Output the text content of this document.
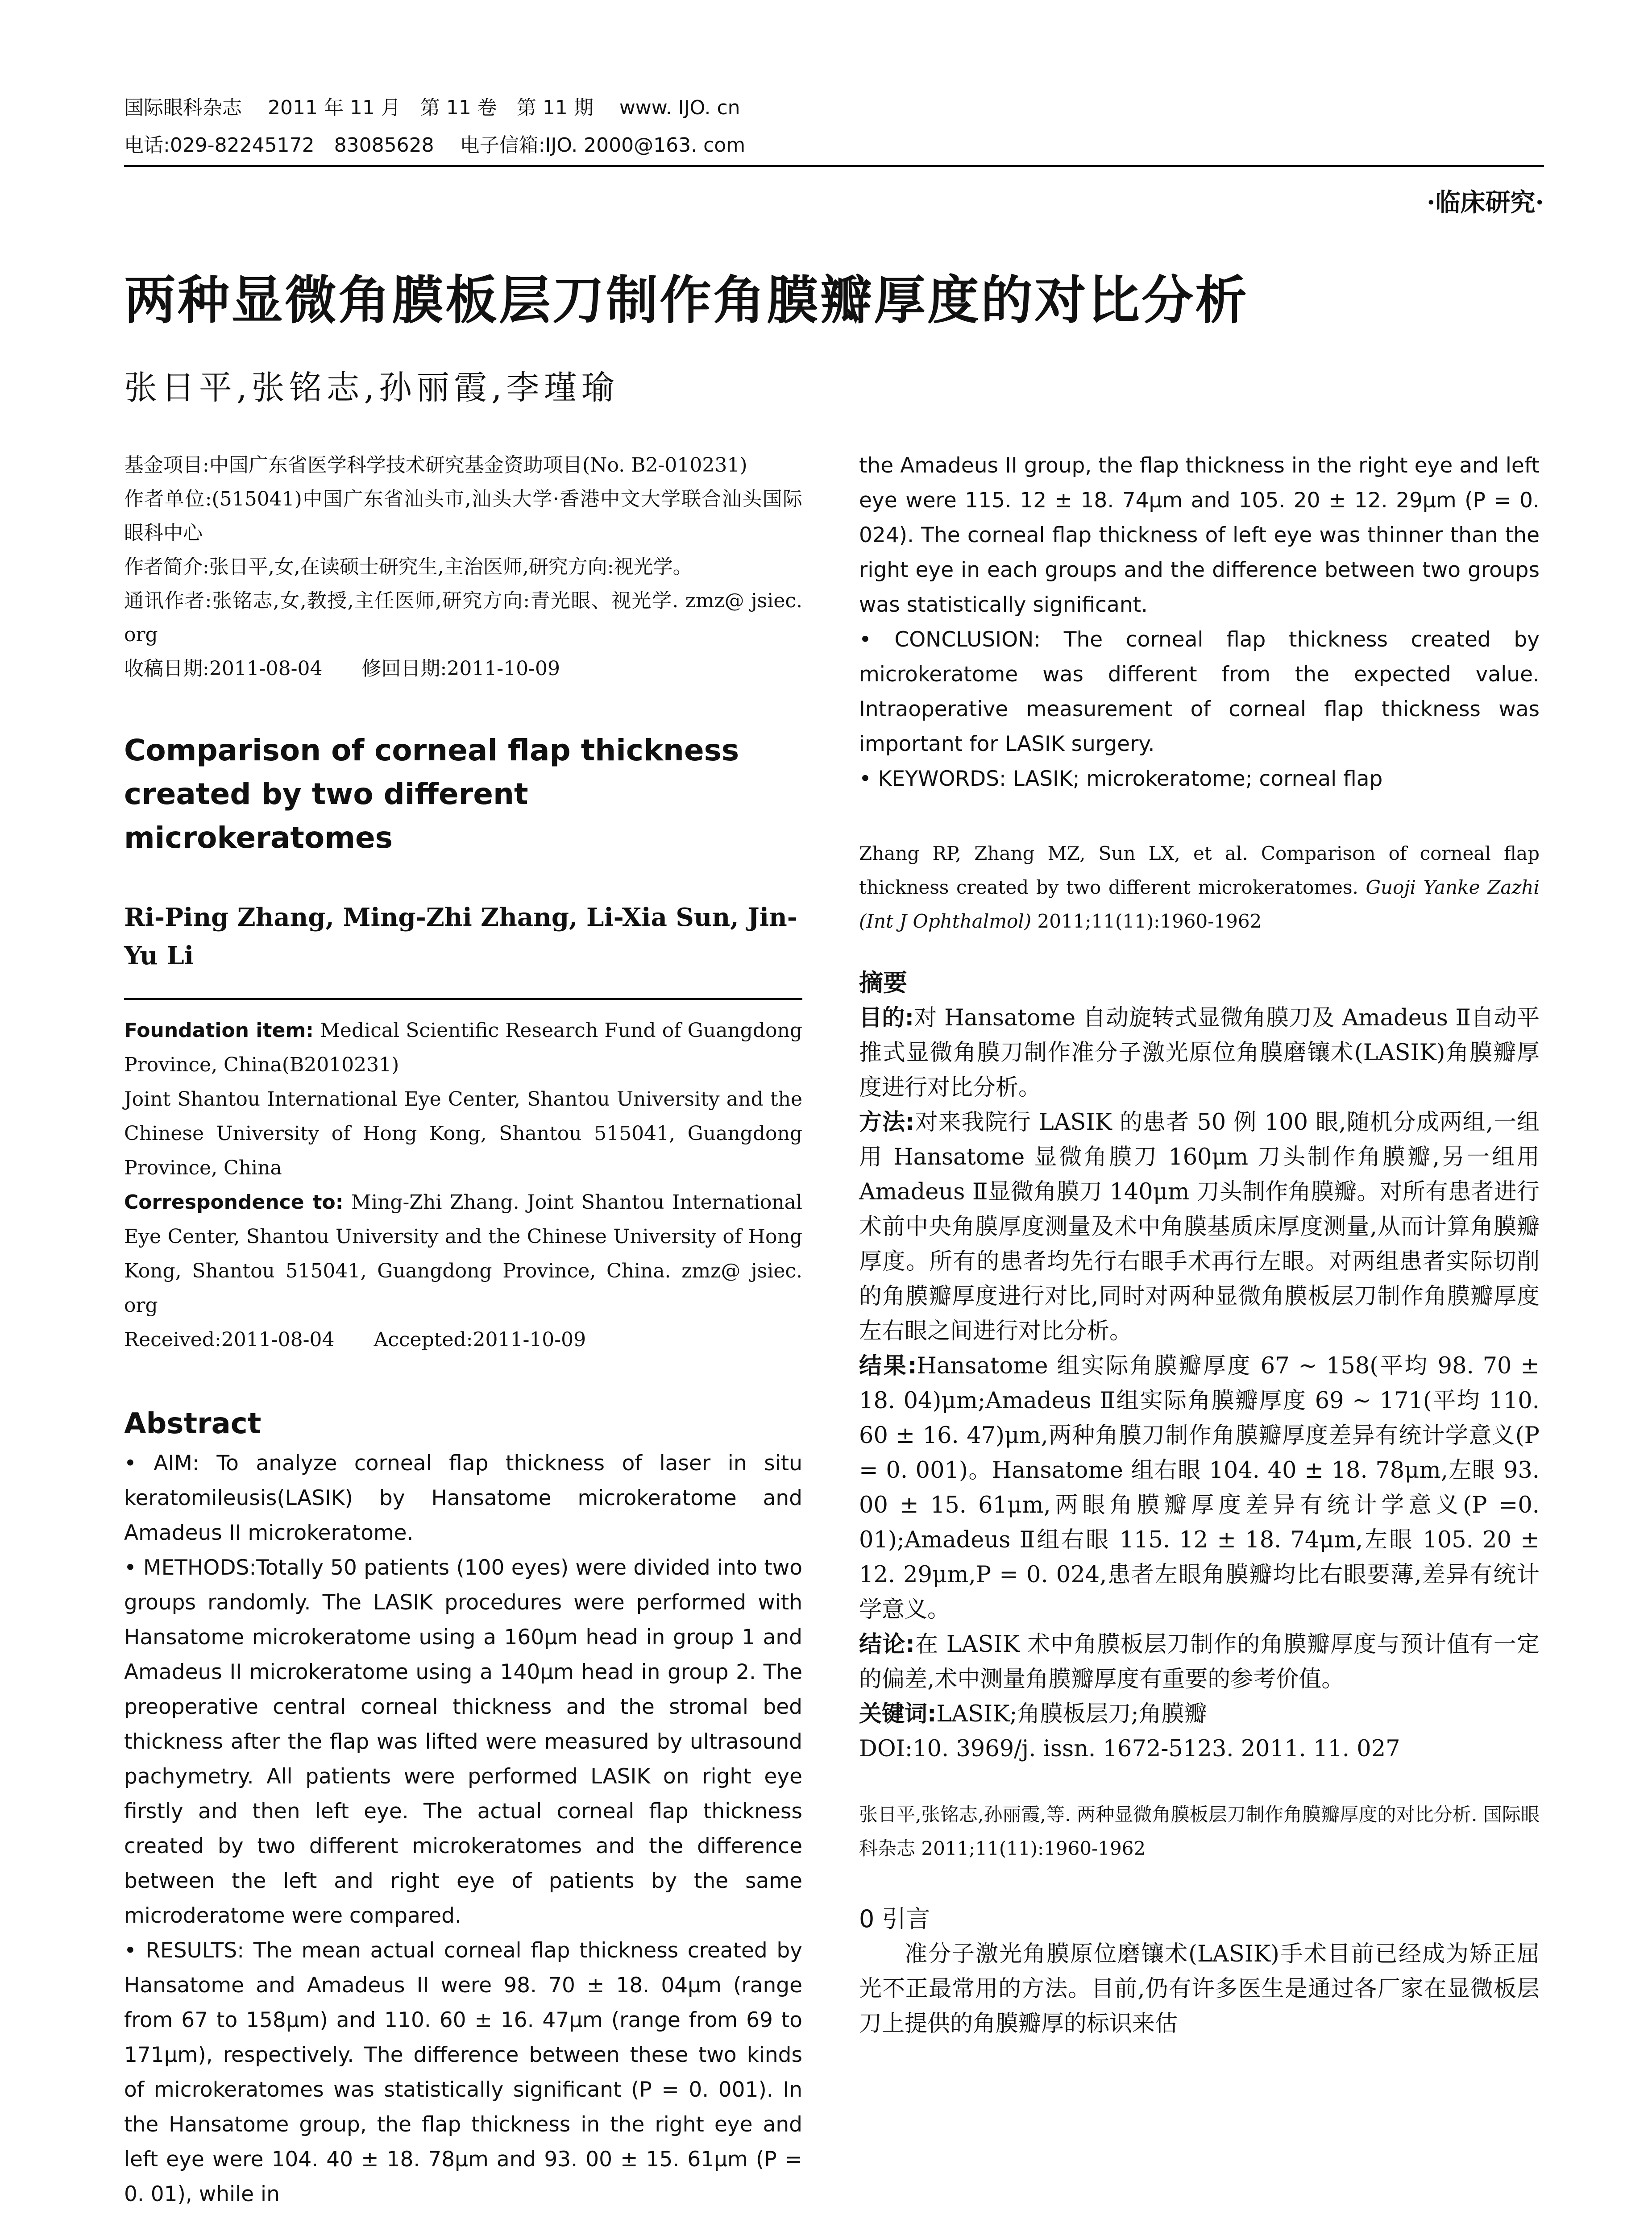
国际眼科杂志　 2011 年 11 月　第 11 卷　第 11 期　 www. IJO. cn
电话:029-82245172　83085628　 电子信箱:IJO. 2000@163. com
·临床研究·
两种显微角膜板层刀制作角膜瓣厚度的对比分析
张日平,张铭志,孙丽霞,李瑾瑜

基金项目:中国广东省医学科学技术研究基金资助项目(No. B2-010231)

作者单位:(515041)中国广东省汕头市,汕头大学·香港中文大学联合汕头国际眼科中心

作者简介:张日平,女,在读硕士研究生,主治医师,研究方向:视光学。

通讯作者:张铭志,女,教授,主任医师,研究方向:青光眼、视光学. zmz@ jsiec. org

收稿日期:2011-08-04　　修回日期:2011-10-09

Comparison of corneal flap thickness created by two different microkeratomes
Ri-Ping Zhang, Ming-Zhi Zhang, Li-Xia Sun, Jin-Yu Li

Foundation item: Medical Scientific Research Fund of Guangdong Province, China(B2010231)

Joint Shantou International Eye Center, Shantou University and the Chinese University of Hong Kong, Shantou 515041, Guangdong Province, China

Correspondence to: Ming-Zhi Zhang. Joint Shantou International Eye Center, Shantou University and the Chinese University of Hong Kong, Shantou 515041, Guangdong Province, China. zmz@ jsiec. org

Received:2011-08-04　　Accepted:2011-10-09

Abstract

• AIM: To analyze corneal flap thickness of laser in situ keratomileusis(LASIK) by Hansatome microkeratome and Amadeus II microkeratome.

• METHODS:Totally 50 patients (100 eyes) were divided into two groups randomly. The LASIK procedures were performed with Hansatome microkeratome using a 160μm head in group 1 and Amadeus II microkeratome using a 140μm head in group 2. The preoperative central corneal thickness and the stromal bed thickness after the flap was lifted were measured by ultrasound pachymetry. All patients were performed LASIK on right eye firstly and then left eye. The actual corneal flap thickness created by two different microkeratomes and the difference between the left and right eye of patients by the same microderatome were compared.

• RESULTS: The mean actual corneal flap thickness created by Hansatome and Amadeus II were 98. 70 ± 18. 04μm (range from 67 to 158μm) and 110. 60 ± 16. 47μm (range from 69 to 171μm), respectively. The difference between these two kinds of microkeratomes was statistically significant (P = 0. 001). In the Hansatome group, the flap thickness in the right eye and left eye were 104. 40 ± 18. 78μm and 93. 00 ± 15. 61μm (P = 0. 01), while in

the Amadeus II group, the flap thickness in the right eye and left eye were 115. 12 ± 18. 74μm and 105. 20 ± 12. 29μm (P = 0. 024). The corneal flap thickness of left eye was thinner than the right eye in each groups and the difference between two groups was statistically significant.

• CONCLUSION: The corneal flap thickness created by microkeratome was different from the expected value. Intraoperative measurement of corneal flap thickness was important for LASIK surgery.

• KEYWORDS: LASIK; microkeratome; corneal flap

Zhang RP, Zhang MZ, Sun LX, et al. Comparison of corneal flap thickness created by two different microkeratomes. Guoji Yanke Zazhi (Int J Ophthalmol) 2011;11(11):1960-1962
摘要

目的:对 Hansatome 自动旋转式显微角膜刀及 Amadeus Ⅱ自动平推式显微角膜刀制作准分子激光原位角膜磨镶术(LASIK)角膜瓣厚度进行对比分析。

方法:对来我院行 LASIK 的患者 50 例 100 眼,随机分成两组,一组用 Hansatome 显微角膜刀 160μm 刀头制作角膜瓣,另一组用 Amadeus Ⅱ显微角膜刀 140μm 刀头制作角膜瓣。对所有患者进行术前中央角膜厚度测量及术中角膜基质床厚度测量,从而计算角膜瓣厚度。所有的患者均先行右眼手术再行左眼。对两组患者实际切削的角膜瓣厚度进行对比,同时对两种显微角膜板层刀制作角膜瓣厚度左右眼之间进行对比分析。

结果:Hansatome 组实际角膜瓣厚度 67 ~ 158(平均 98. 70 ± 18. 04)μm;Amadeus Ⅱ组实际角膜瓣厚度 69 ~ 171(平均 110. 60 ± 16. 47)μm,两种角膜刀制作角膜瓣厚度差异有统计学意义(P = 0. 001)。Hansatome 组右眼 104. 40 ± 18. 78μm,左眼 93. 00 ± 15. 61μm,两眼角膜瓣厚度差异有统计学意义(P =0. 01);Amadeus Ⅱ组右眼 115. 12 ± 18. 74μm,左眼 105. 20 ± 12. 29μm,P = 0. 024,患者左眼角膜瓣均比右眼要薄,差异有统计学意义。

结论:在 LASIK 术中角膜板层刀制作的角膜瓣厚度与预计值有一定的偏差,术中测量角膜瓣厚度有重要的参考价值。

关键词:LASIK;角膜板层刀;角膜瓣

DOI:10. 3969/j. issn. 1672-5123. 2011. 11. 027

张日平,张铭志,孙丽霞,等. 两种显微角膜板层刀制作角膜瓣厚度的对比分析. 国际眼科杂志 2011;11(11):1960-1962
0 引言
准分子激光角膜原位磨镶术(LASIK)手术目前已经成为矫正屈光不正最常用的方法。目前,仍有许多医生是通过各厂家在显微板层刀上提供的角膜瓣厚的标识来估
